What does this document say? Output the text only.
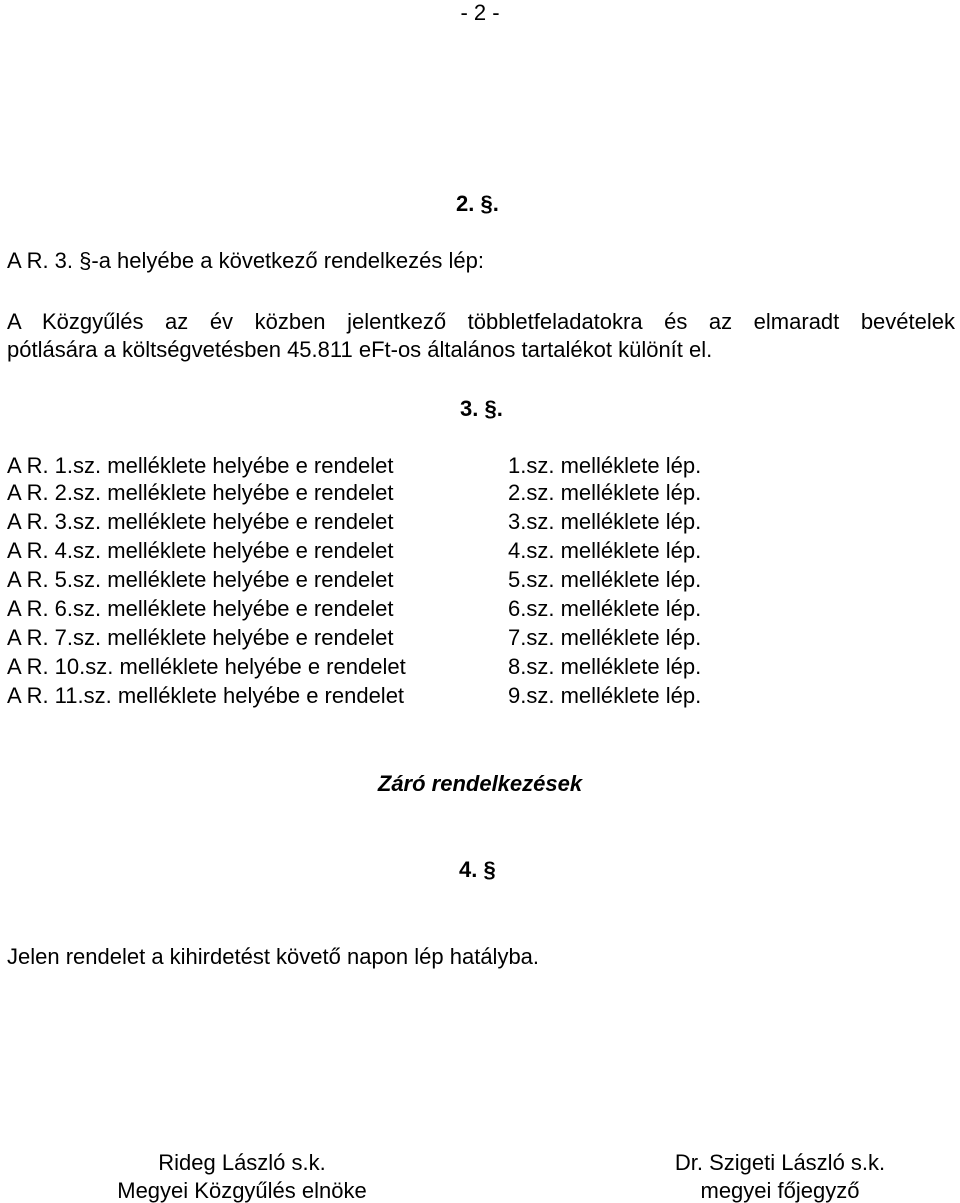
- 2 -
2. §.
A R. 3. §-a helyébe a következő rendelkezés lép:
A Közgyűlés az év közben jelentkező többletfeladatokra és az elmaradt bevételek
pótlására a költségvetésben 45.811 eFt-os általános tartalékot különít el.
3. §.
A R. 1.sz. melléklete helyébe e rendelet	1.sz. melléklete lép.
A R. 2.sz. melléklete helyébe e rendelet	2.sz. melléklete lép.
A R. 3.sz. melléklete helyébe e rendelet	3.sz. melléklete lép.
A R. 4.sz. melléklete helyébe e rendelet	4.sz. melléklete lép.
A R. 5.sz. melléklete helyébe e rendelet	5.sz. melléklete lép.
A R. 6.sz. melléklete helyébe e rendelet	6.sz. melléklete lép.
A R. 7.sz. melléklete helyébe e rendelet	7.sz. melléklete lép.
A R. 10.sz. melléklete helyébe e rendelet	8.sz. melléklete lép.
A R. 11.sz. melléklete helyébe e rendelet	9.sz. melléklete lép.
Záró rendelkezések
4. §
Jelen rendelet a kihirdetést követő napon lép hatályba.
Rideg László s.k.
Megyei Közgyűlés elnöke
Dr. Szigeti László s.k.
megyei főjegyző
